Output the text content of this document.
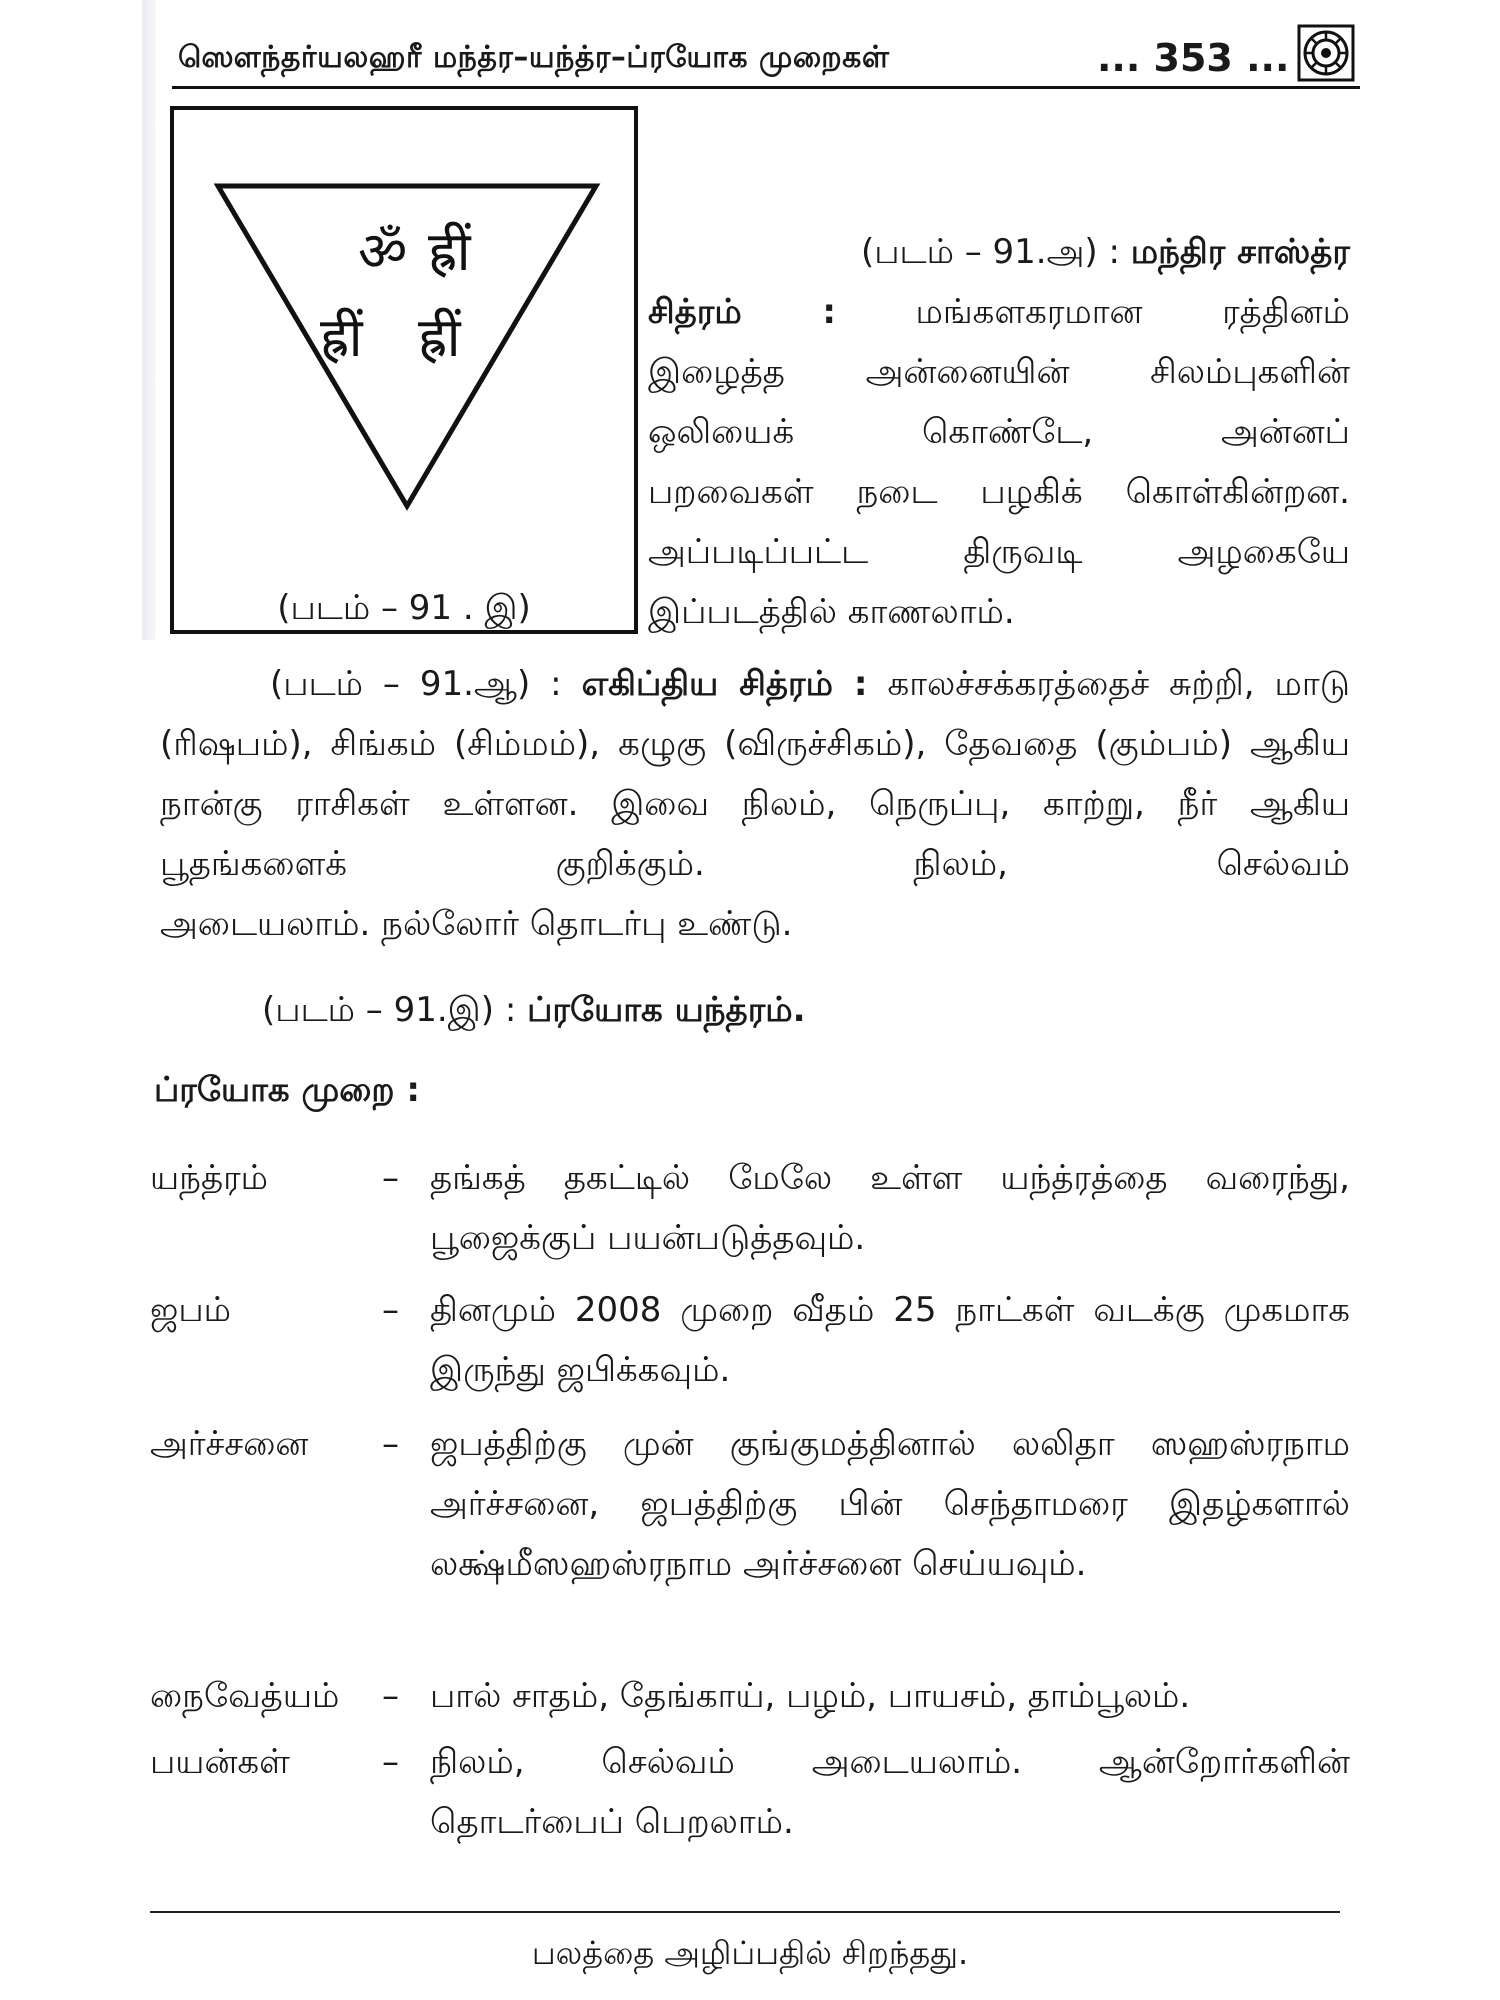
ஸௌந்தர்யலஹரீ மந்த்ர–யந்த்ர–ப்ரயோக முறைகள்	... 353 ...
ॐ ह्रीं
ह्रीं ह्रीं
(படம் – 91 . இ)
(படம் – 91.அ) : மந்திர சாஸ்த்ர
சித்ரம் : மங்களகரமான ரத்தினம்
இழைத்த அன்னையின் சிலம்புகளின்
ஒலியைக் கொண்டே, அன்னப்
பறவைகள் நடை பழகிக் கொள்கின்றன.
அப்படிப்பட்ட திருவடி அழகையே
இப்படத்தில் காணலாம்.
(படம் – 91.ஆ) : எகிப்திய சித்ரம் : காலச்சக்கரத்தைச் சுற்றி, மாடு (ரிஷபம்), சிங்கம் (சிம்மம்), கழுகு (விருச்சிகம்), தேவதை (கும்பம்) ஆகிய நான்கு ராசிகள் உள்ளன. இவை நிலம், நெருப்பு, காற்று, நீர் ஆகிய பூதங்களைக் குறிக்கும். நிலம், செல்வம்
அடையலாம். நல்லோர் தொடர்பு உண்டு.
(படம் – 91.இ) : ப்ரயோக யந்த்ரம்.
ப்ரயோக முறை :
யந்த்ரம்	– தங்கத் தகட்டில் மேலே உள்ள யந்த்ரத்தை வரைந்து, பூஜைக்குப் பயன்படுத்தவும்.
ஜபம்	– தினமும் 2008 முறை வீதம் 25 நாட்கள் வடக்கு முகமாக இருந்து ஜபிக்கவும்.
அர்ச்சனை	– ஜபத்திற்கு முன் குங்குமத்தினால் லலிதா ஸஹஸ்ரநாம அர்ச்சனை, ஜபத்திற்கு பின் செந்தாமரை இதழ்களால் லக்ஷ்மீஸஹஸ்ரநாம அர்ச்சனை செய்யவும்.
நைவேத்யம்	– பால் சாதம், தேங்காய், பழம், பாயசம், தாம்பூலம்.
பயன்கள்	– நிலம், செல்வம் அடையலாம். ஆன்றோர்களின் தொடர்பைப் பெறலாம்.
பலத்தை அழிப்பதில் சிறந்தது.
